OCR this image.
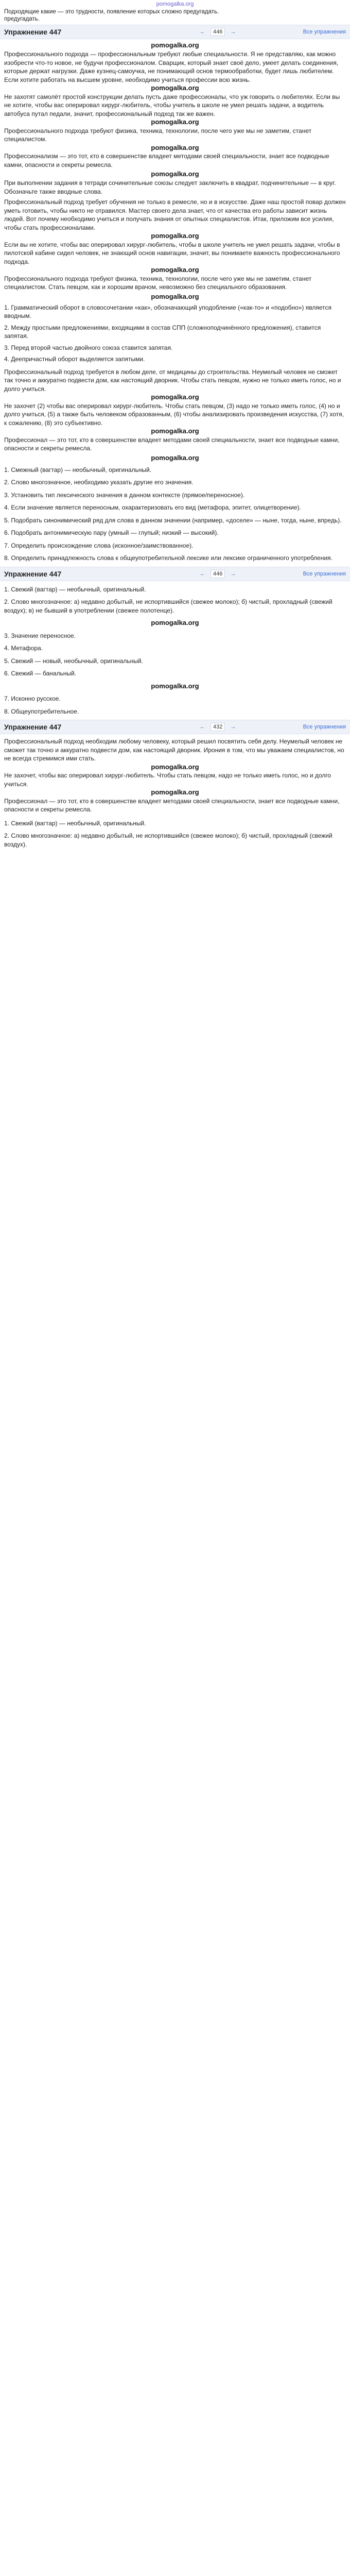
pomogalka.org

Подходящие какие — это трудности, появление которых сложно предугадать.

предугадать.

Упражнение 447	←	446	→	Все упражнения
pomogalka.org

Профессионального подхода — профессиональным требуют любые специальности. Я не представляю, как можно изобрести что-то новое, не будучи профессионалом. Сварщик, который знает своё дело, умеет делать соединения, которые держат нагрузки. Даже кузнец-самоучка, не понимающий основ термообработки, будет лишь любителем. Если хотите работать на высшем уровне, необходимо учиться профессии всю жизнь.

pomogalka.org

Не захотят самолёт простой конструкции делать пусть даже профессионалы, что уж говорить о любителях. Если вы не хотите, чтобы вас оперировал хирург-любитель, чтобы учитель в школе не умел решать задачи, а водитель автобуса путал педали, значит, профессиональный подход так же важен.

pomogalka.org

Профессионального подхода требуют физика, техника, технологии, после чего уже мы не заметим, станет специалистом.

pomogalka.org

Профессионализм — это тот, кто в совершенстве владеет методами своей специальности, знает все подводные камни, опасности и секреты ремесла.

pomogalka.org

При выполнении задания в тетради сочинительные союзы следует заключить в квадрат, подчинительные — в круг. Обозначьте также вводные слова.

Профессиональный подход требует обучения не только в ремесле, но и в искусстве. Даже наш простой повар должен уметь готовить, чтобы никто не отравился. Мастер своего дела знает, что от качества его работы зависит жизнь людей. Вот почему необходимо учиться и получать знания от опытных специалистов. Итак, приложим все усилия, чтобы стать профессионалами.

pomogalka.org

Если вы не хотите, чтобы вас оперировал хирург-любитель, чтобы в школе учитель не умел решать задачи, чтобы в пилотской кабине сидел человек, не знающий основ навигации, значит, вы понимаете важность профессионального подхода.

pomogalka.org

Профессионального подхода требуют физика, техника, технологии, после чего уже мы не заметим, станет специалистом. Стать певцом, как и хорошим врачом, невозможно без специального образования.

pomogalka.org

1. Грамматический оборот в словосочетании «как», обозначающий уподобление («как-то» и «подобно») является вводным.

2. Между простыми предложениями, входящими в состав СПП (сложноподчинённого предложения), ставится запятая.

3. Перед второй частью двойного союза ставится запятая.

4. Деепричастный оборот выделяется запятыми.

Профессиональный подход требуется в любом деле, от медицины до строительства. Неумелый человек не сможет так точно и аккуратно подвести дом, как настоящий дворник. Чтобы стать певцом, нужно не только иметь голос, но и долго учиться.

pomogalka.org

Не захочет (2) чтобы вас оперировал хирург-любитель. Чтобы стать певцом, (3) надо не только иметь голос, (4) но и долго учиться, (5) а также быть человеком образованным, (6) чтобы анализировать произведения искусства, (7) хотя, к сожалению, (8) это субъективно.

pomogalka.org

Профессионал — это тот, кто в совершенстве владеет методами своей специальности, знает все подводные камни, опасности и секреты ремесла.

pomogalka.org

1. Смежный (вагтар) — необычный, оригинальный.

2. Слово многозначное, необходимо указать другие его значения.

3. Установить тип лексического значения в данном контексте (прямое/переносное).

4. Если значение является переносным, охарактеризовать его вид (метафора, эпитет, олицетворение).

5. Подобрать синонимический ряд для слова в данном значении (например, «доселе» — ныне, тогда, ныне, впредь).

6. Подобрать антонимическую пару (умный — глупый; низкий — высокий).

7. Определить происхождение слова (исконное/заимствованное).

8. Определить принадлежность слова к общеупотребительной лексике или лексике ограниченного употребления.

Упражнение 447	←	446	→	Все упражнения

1. Свежий (вагтар) — необычный, оригинальный.

2. Слово многозначное: а) недавно добытый, не испортившийся (свежее молоко); б) чистый, прохладный (свежий воздух); в) не бывший в употреблении (свежее полотенце).

pomogalka.org

3. Значение переносное.

4. Метафора.

5. Свежий — новый, необычный, оригинальный.

6. Свежий — банальный.

pomogalka.org

7. Исконно русское.

8. Общеупотребительное.

Упражнение 447	←	432	→	Все упражнения

Профессиональный подход необходим любому человеку, который решил посвятить себя делу. Неумелый человек не сможет так точно и аккуратно подвести дом, как настоящий дворник. Ирония в том, что мы уважаем специалистов, но не всегда стремимся ими стать.

pomogalka.org

Не захочет, чтобы вас оперировал хирург-любитель. Чтобы стать певцом, надо не только иметь голос, но и долго учиться.

pomogalka.org

Профессионал — это тот, кто в совершенстве владеет методами своей специальности, знает все подводные камни, опасности и секреты ремесла.

1. Свежий (вагтар) — необычный, оригинальный.

2. Слово многозначное: а) недавно добытый, не испортившийся (свежее молоко); б) чистый, прохладный (свежий воздух).
